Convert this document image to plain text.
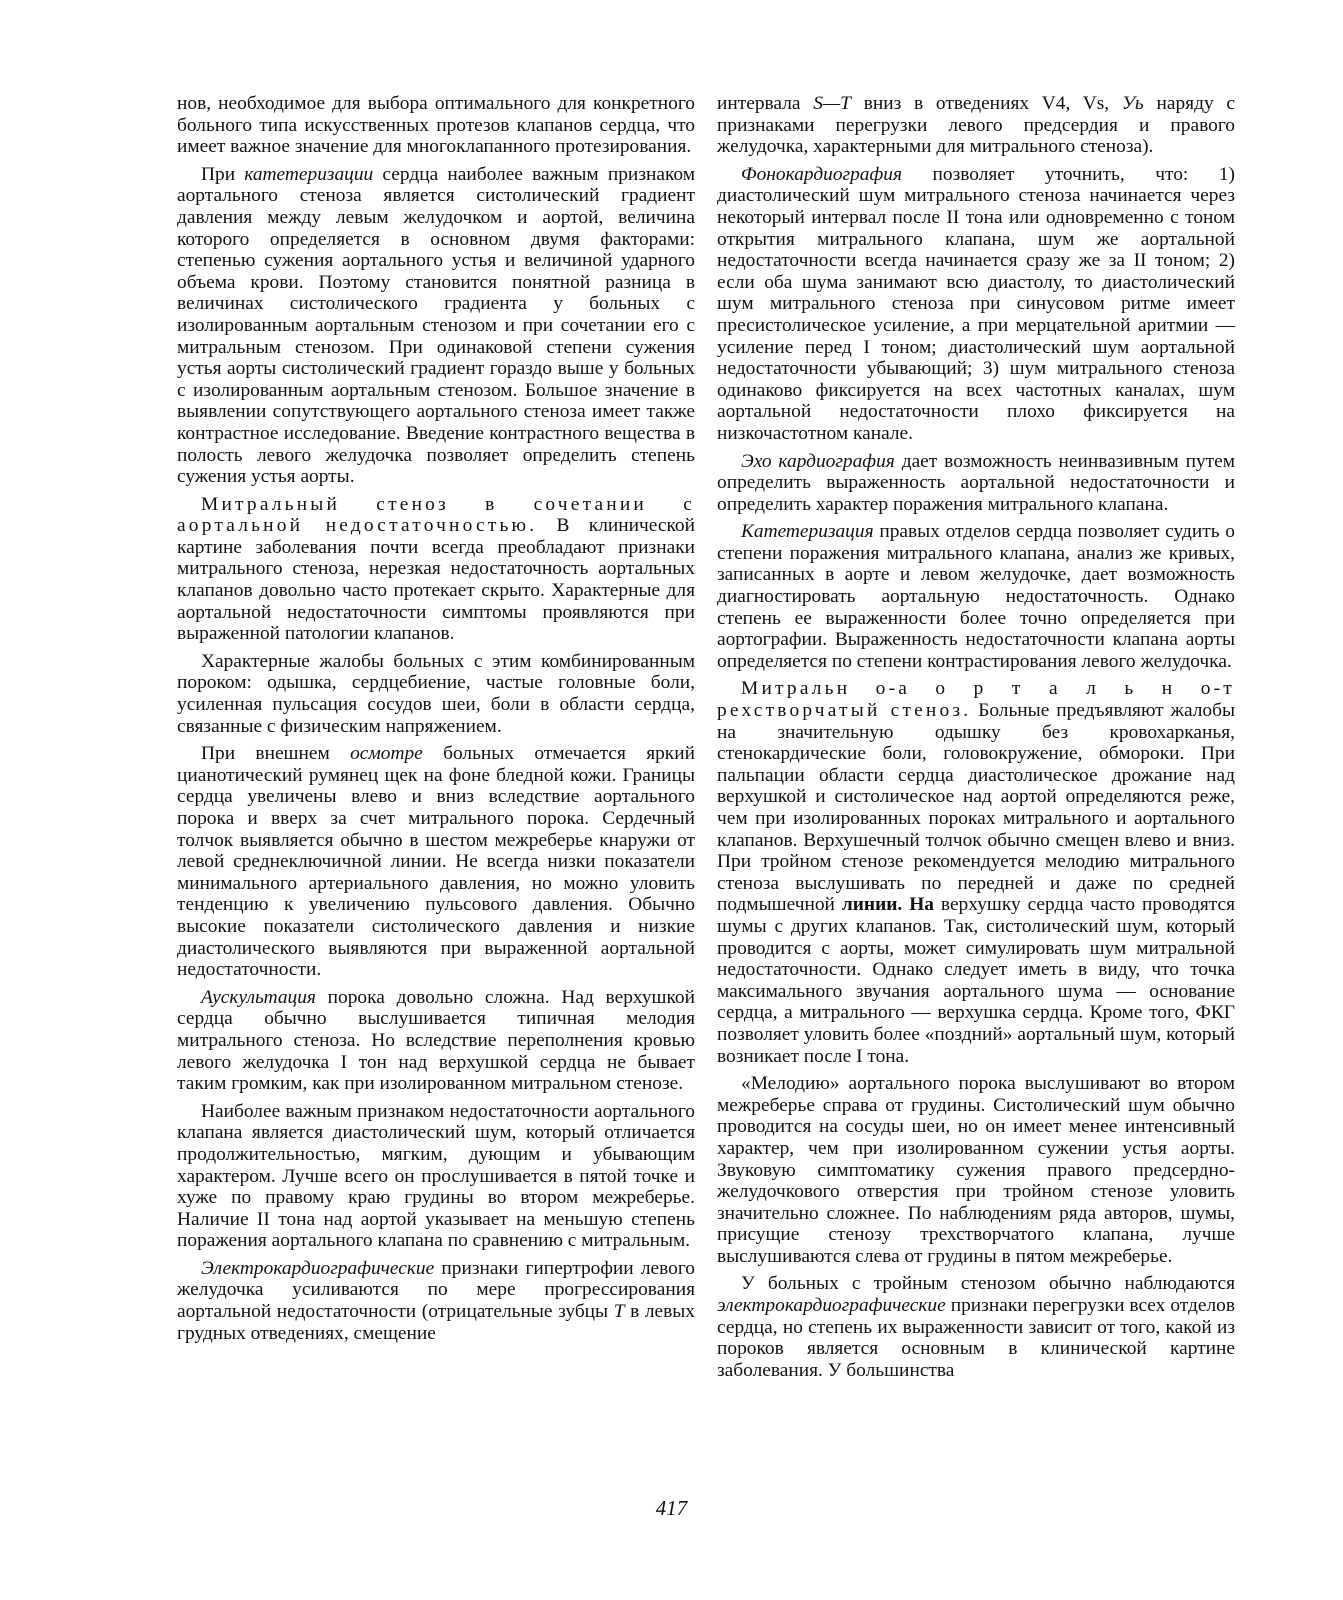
нов, необходимое для выбора оптимального для конкретного больного типа искусственных протезов клапанов сердца, что имеет важное значение для многоклапанного протезирования.

При катетеризации сердца наиболее важным признаком аортального стеноза является систолический градиент давления между левым желудочком и аортой, величина которого определяется в основном двумя факторами: степенью сужения аортального устья и величиной ударного объема крови. Поэтому становится понятной разница в величинах систолического градиента у больных с изолированным аортальным стенозом и при сочетании его с митральным стенозом. При одинаковой степени сужения устья аорты систолический градиент гораздо выше у больных с изолированным аортальным стенозом. Большое значение в выявлении сопутствующего аортального стеноза имеет также контрастное исследование. Введение контрастного вещества в полость левого желудочка позволяет определить степень сужения устья аорты.

Митральный стеноз в сочетании с аортальной недостаточностью. В клинической картине заболевания почти всегда преобладают признаки митрального стеноза, нерезкая недостаточность аортальных клапанов довольно часто протекает скрыто. Характерные для аортальной недостаточности симптомы проявляются при выраженной патологии клапанов.

Характерные жалобы больных с этим комбинированным пороком: одышка, сердцебиение, частые головные боли, усиленная пульсация сосудов шеи, боли в области сердца, связанные с физическим напряжением.

При внешнем осмотре больных отмечается яркий цианотический румянец щек на фоне бледной кожи. Границы сердца увеличены влево и вниз вследствие аортального порока и вверх за счет митрального порока. Сердечный толчок выявляется обычно в шестом межреберье кнаружи от левой среднеключичной линии. Не всегда низки показатели минимального артериального давления, но можно уловить тенденцию к увеличению пульсового давления. Обычно высокие показатели систолического давления и низкие диастолического выявляются при выраженной аортальной недостаточности.

Аускультация порока довольно сложна. Над верхушкой сердца обычно выслушивается типичная мелодия митрального стеноза. Но вследствие переполнения кровью левого желудочка I тон над верхушкой сердца не бывает таким громким, как при изолированном митральном стенозе.

Наиболее важным признаком недостаточности аортального клапана является диастолический шум, который отличается продолжительностью, мягким, дующим и убывающим характером. Лучше всего он прослушивается в пятой точке и хуже по правому краю грудины во втором межреберье. Наличие II тона над аортой указывает на меньшую степень поражения аортального клапана по сравнению с митральным.

Электрокардиографические признаки гипертрофии левого желудочка усиливаются по мере прогрессирования аортальной недостаточности (отрицательные зубцы Т в левых грудных отведениях, смещение

интервала S—T вниз в отведениях V4, Vs, Уь наряду с признаками перегрузки левого предсердия и правого желудочка, характерными для митрального стеноза).

Фонокардиография позволяет уточнить, что: 1) диастолический шум митрального стеноза начинается через некоторый интервал после II тона или одновременно с тоном открытия митрального клапана, шум же аортальной недостаточности всегда начинается сразу же за II тоном; 2) если оба шума занимают всю диастолу, то диастолический шум митрального стеноза при синусовом ритме имеет пресистолическое усиление, а при мерцательной аритмии — усиление перед I тоном; диастолический шум аортальной недостаточности убывающий; 3) шум митрального стеноза одинаково фиксируется на всех частотных каналах, шум аортальной недостаточности плохо фиксируется на низкочастотном канале.

Эхо кардиография дает возможность неинвазивным путем определить выраженность аортальной недостаточности и определить характер поражения митрального клапана.

Катетеризация правых отделов сердца позволяет судить о степени поражения митрального клапана, анализ же кривых, записанных в аорте и левом желудочке, дает возможность диагностировать аортальную недостаточность. Однако степень ее выраженности более точно определяется при аортографии. Выраженность недостаточности клапана аорты определяется по степени контрастирования левого желудочка.

Митральн о-а о р т а л ь н о-т рехстворчатый стеноз. Больные предъявляют жалобы на значительную одышку без кровохарканья, стенокардические боли, головокружение, обмороки. При пальпации области сердца диастолическое дрожание над верхушкой и систолическое над аортой определяются реже, чем при изолированных пороках митрального и аортального клапанов. Верхушечный толчок обычно смещен влево и вниз. При тройном стенозе рекомендуется мелодию митрального стеноза выслушивать по передней и даже по средней подмышечной линии. На верхушку сердца часто проводятся шумы с других клапанов. Так, систолический шум, который проводится с аорты, может симулировать шум митральной недостаточности. Однако следует иметь в виду, что точка максимального звучания аортального шума — основание сердца, а митрального — верхушка сердца. Кроме того, ФКГ позволяет уловить более «поздний» аортальный шум, который возникает после I тона.

«Мелодию» аортального порока выслушивают во втором межреберье справа от грудины. Систолический шум обычно проводится на сосуды шеи, но он имеет менее интенсивный характер, чем при изолированном сужении устья аорты. Звуковую симптоматику сужения правого предсердно-желудочкового отверстия при тройном стенозе уловить значительно сложнее. По наблюдениям ряда авторов, шумы, присущие стенозу трехстворчатого клапана, лучше выслушиваются слева от грудины в пятом межреберье.

У больных с тройным стенозом обычно наблюдаются электрокардиографические признаки перегрузки всех отделов сердца, но степень их выраженности зависит от того, какой из пороков является основным в клинической картине заболевания. У большинства

417
